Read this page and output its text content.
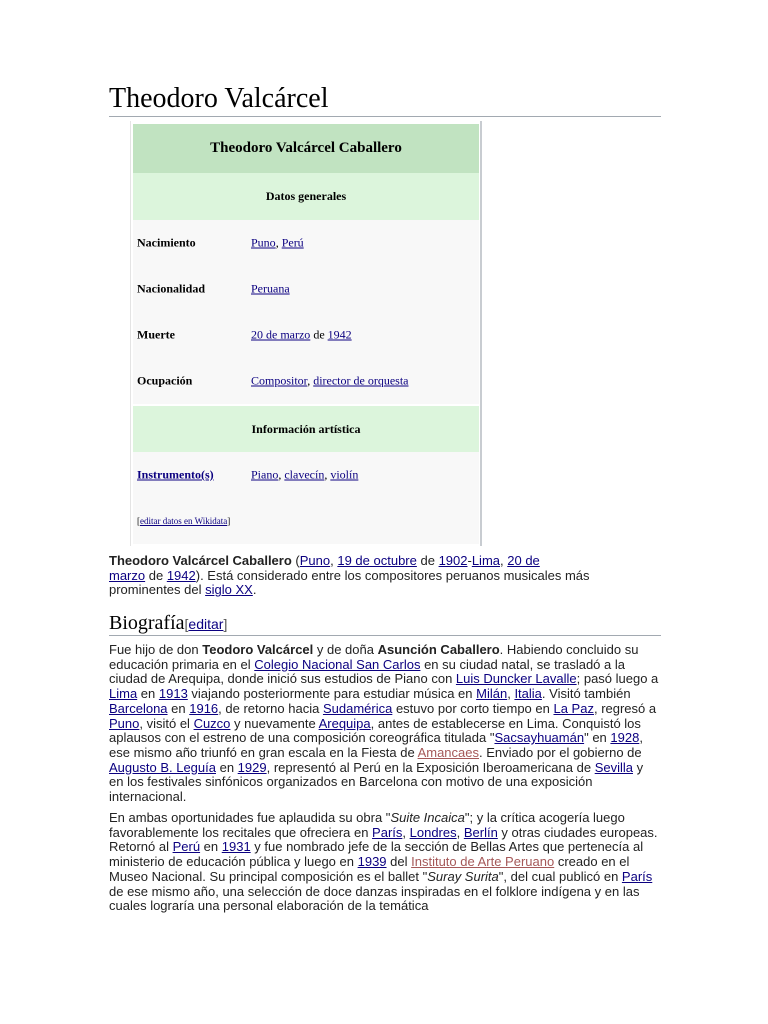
Theodoro Valcárcel
Theodoro Valcárcel Caballero
Datos generales
Nacimiento	Puno, Perú
Nacionalidad	Peruana
Muerte	20 de marzo de 1942
Ocupación	Compositor, director de orquesta
Información artística
Instrumento(s)	Piano, clavecín, violín
[editar datos en Wikidata]
Theodoro Valcárcel Caballero (Puno, 19 de octubre de 1902-Lima, 20 de
marzo de 1942). Está considerado entre los compositores peruanos musicales más prominentes del siglo XX.
Biografía[editar]
Fue hijo de don Teodoro Valcárcel y de doña Asunción Caballero. Habiendo concluido su educación primaria en el Colegio Nacional San Carlos en su ciudad natal, se trasladó a la ciudad de Arequipa, donde inició sus estudios de Piano con Luis Duncker Lavalle; pasó luego a Lima en 1913 viajando posteriormente para estudiar música en Milán, Italia. Visitó también Barcelona en 1916, de retorno hacia Sudamérica estuvo por corto tiempo en La Paz, regresó a Puno, visitó el Cuzco y nuevamente Arequipa, antes de establecerse en Lima. Conquistó los aplausos con el estreno de una composición coreográfica titulada "Sacsayhuamán" en 1928, ese mismo año triunfó en gran escala en la Fiesta de Amancaes. Enviado por el gobierno de Augusto B. Leguía en 1929, representó al Perú en la Exposición Iberoamericana de Sevilla y en los festivales sinfónicos organizados en Barcelona con motivo de una exposición internacional.
En ambas oportunidades fue aplaudida su obra "Suite Incaica"; y la crítica acogería luego favorablemente los recitales que ofreciera en París, Londres, Berlín y otras ciudades europeas. Retornó al Perú en 1931 y fue nombrado jefe de la sección de Bellas Artes que pertenecía al ministerio de educación pública y luego en 1939 del Instituto de Arte Peruano creado en el Museo Nacional. Su principal composición es el ballet "Suray Surita", del cual publicó en París de ese mismo año, una selección de doce danzas inspiradas en el folklore indígena y en las cuales lograría una personal elaboración de la temática
